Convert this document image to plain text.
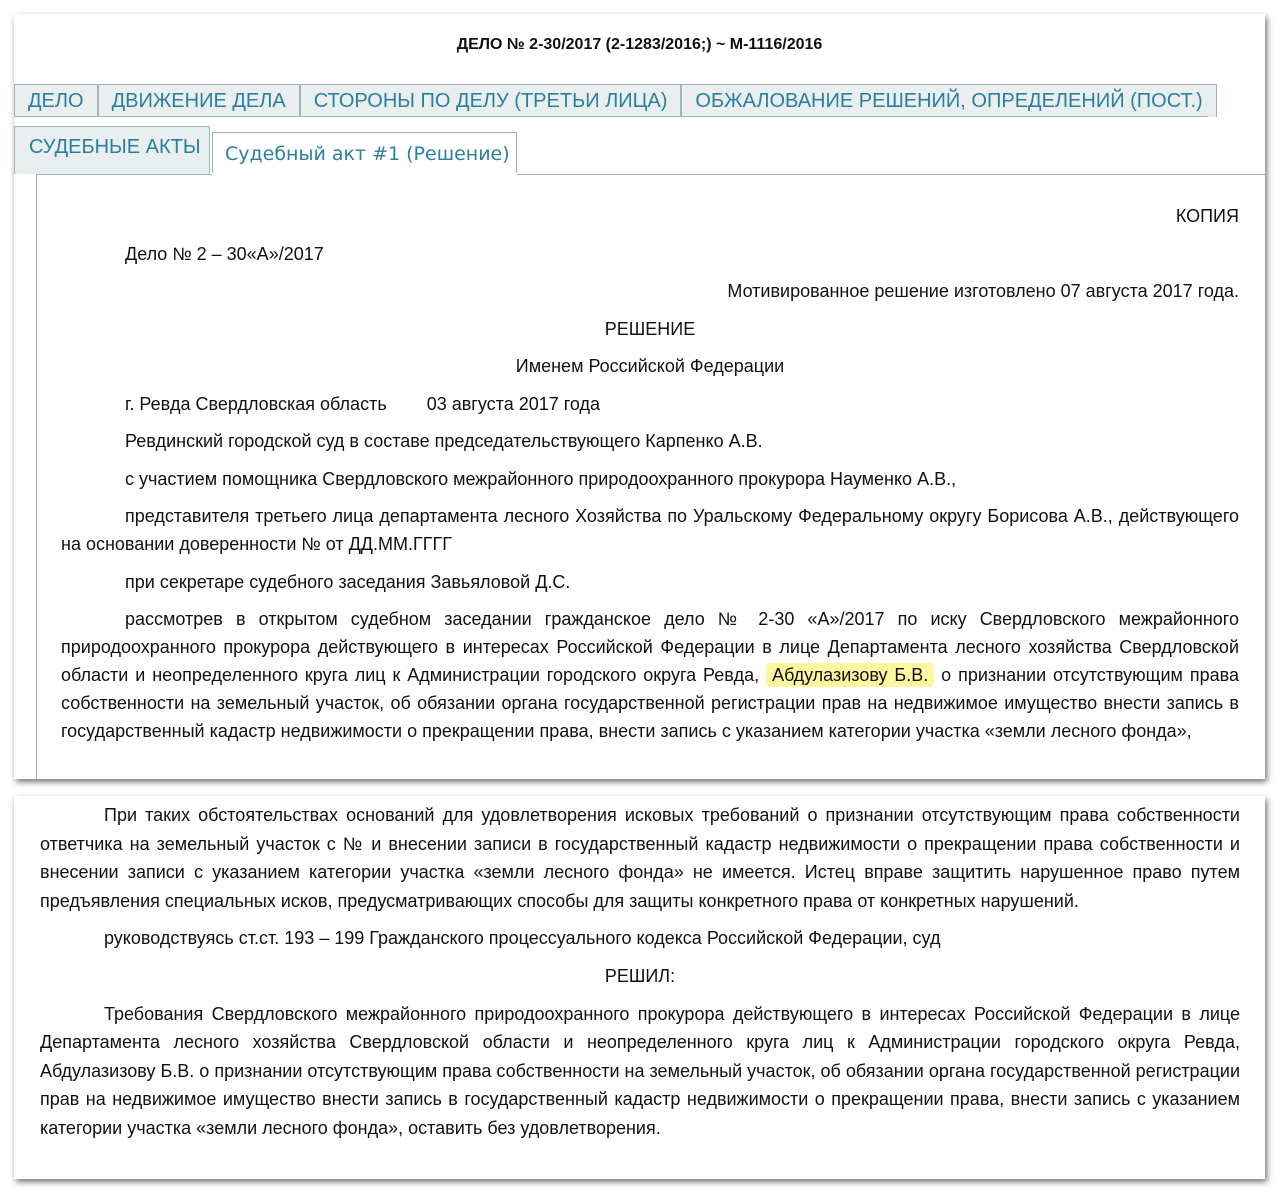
ДЕЛО № 2-30/2017 (2-1283/2016;) ~ М-1116/2016
ДЕЛО	ДВИЖЕНИЕ ДЕЛА	СТОРОНЫ ПО ДЕЛУ (ТРЕТЬИ ЛИЦА)	ОБЖАЛОВАНИЕ РЕШЕНИЙ, ОПРЕДЕЛЕНИЙ (ПОСТ.)
СУДЕБНЫЕ АКТЫ	Судебный акт #1 (Решение)

КОПИЯ

Дело № 2 – 30«А»/2017

Мотивированное решение изготовлено 07 августа 2017 года.

РЕШЕНИЕ

Именем Российской Федерации

г. Ревда Свердловская область        03 августа 2017 года

Ревдинский городской суд в составе председательствующего Карпенко А.В.

с участием помощника Свердловского межрайонного природоохранного прокурора Науменко А.В.,

представителя третьего лица департамента лесного Хозяйства по Уральскому Федеральному округу Борисова А.В., действующего на основании доверенности № от ДД.ММ.ГГГГ

при секретаре судебного заседания Завьяловой Д.С.

рассмотрев в открытом судебном заседании гражданское дело № 2-30 «А»/2017 по иску Свердловского межрайонного природоохранного прокурора действующего в интересах Российской Федерации в лице Департамента лесного хозяйства Свердловской области и неопределенного круга лиц к Администрации городского округа Ревда, Абдулазизову Б.В. о признании отсутствующим права собственности на земельный участок, об обязании органа государственной регистрации прав на недвижимое имущество внести запись в государственный кадастр недвижимости о прекращении права, внести запись с указанием категории участка «земли лесного фонда»,

При таких обстоятельствах оснований для удовлетворения исковых требований о признании отсутствующим права собственности ответчика на земельный участок с № и внесении записи в государственный кадастр недвижимости о прекращении права собственности и внесении записи с указанием категории участка «земли лесного фонда» не имеется. Истец вправе защитить нарушенное право путем предъявления специальных исков, предусматривающих способы для защиты конкретного права от конкретных нарушений.

руководствуясь ст.ст. 193 – 199 Гражданского процессуального кодекса Российской Федерации, суд

РЕШИЛ:

Требования Свердловского межрайонного природоохранного прокурора действующего в интересах Российской Федерации в лице Департамента лесного хозяйства Свердловской области и неопределенного круга лиц к Администрации городского округа Ревда, Абдулазизову Б.В. о признании отсутствующим права собственности на земельный участок, об обязании органа государственной регистрации прав на недвижимое имущество внести запись в государственный кадастр недвижимости о прекращении права, внести запись с указанием категории участка «земли лесного фонда», оставить без удовлетворения.
